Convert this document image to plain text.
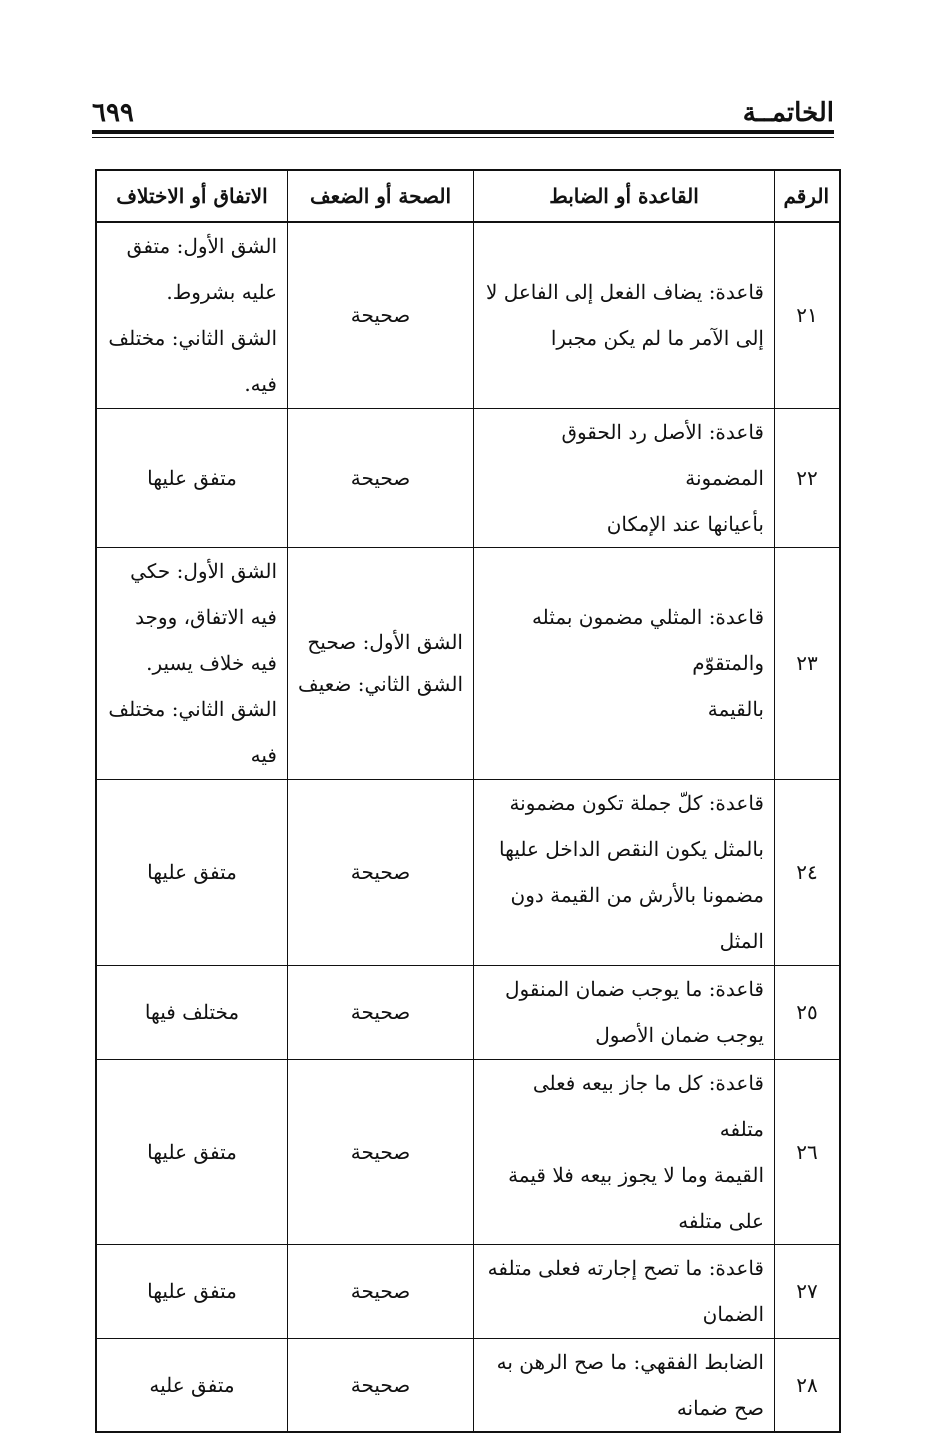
الخاتمــة
٦٩٩
الرقم	القاعدة أو الضابط	الصحة أو الضعف	الاتفاق أو الاختلاف
٢١	قاعدة: يضاف الفعل إلى الفاعل لا
إلى الآمر ما لم يكن مجبرا	صحيحة	الشق الأول: متفق
عليه بشروط.
الشق الثاني: مختلف
فيه.

٢٢	قاعدة: الأصل رد الحقوق المضمونة
بأعيانها عند الإمكان	صحيحة	متفق عليها

٢٣	قاعدة: المثلي مضمون بمثله والمتقوّم
بالقيمة	الشق الأول: صحيح
الشق الثاني: ضعيف	الشق الأول: حكي
فيه الاتفاق، ووجد
فيه خلاف يسير.
الشق الثاني: مختلف
فيه

٢٤	قاعدة: كلّ جملة تكون مضمونة
بالمثل يكون النقص الداخل عليها
مضمونا بالأرش من القيمة دون
المثل	صحيحة	متفق عليها

٢٥	قاعدة: ما يوجب ضمان المنقول
يوجب ضمان الأصول	صحيحة	مختلف فيها

٢٦	قاعدة: كل ما جاز بيعه فعلى متلفه
القيمة وما لا يجوز بيعه فلا قيمة
على متلفه	صحيحة	متفق عليها

٢٧	قاعدة: ما تصح إجارته فعلى متلفه
الضمان	صحيحة	متفق عليها

٢٨	الضابط الفقهي: ما صح الرهن به
صح ضمانه	صحيحة	متفق عليه
